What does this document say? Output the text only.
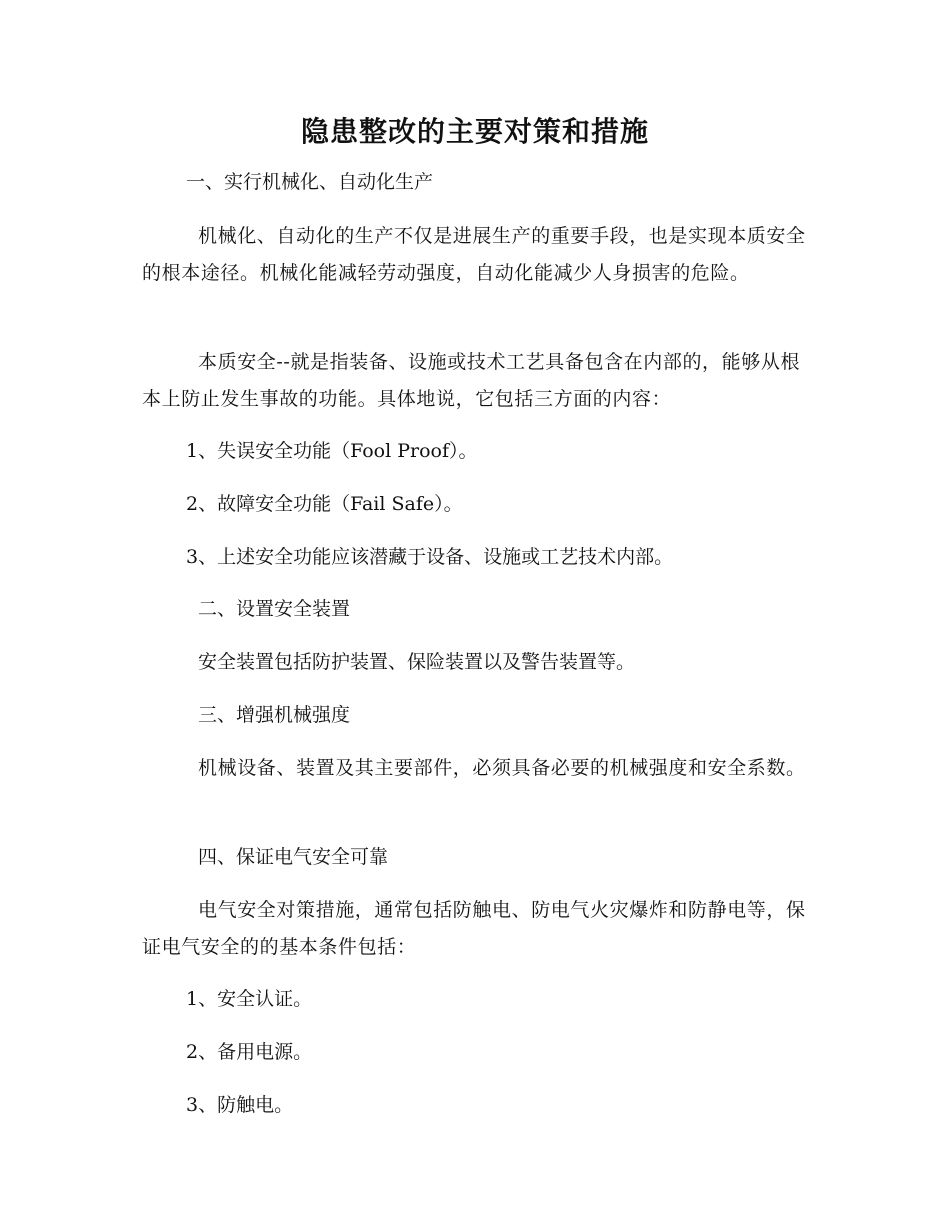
隐患整改的主要对策和措施
一、实行机械化、自动化生产
机械化、自动化的生产不仅是进展生产的重要手段，也是实现本质安全的根本途径。机械化能减轻劳动强度，自动化能减少人身损害的危险。
本质安全--就是指装备、设施或技术工艺具备包含在内部的，能够从根本上防止发生事故的功能。具体地说，它包括三方面的内容：
1、失误安全功能（Fool Proof）。
2、故障安全功能（Fail Safe）。
3、上述安全功能应该潜藏于设备、设施或工艺技术内部。
二、设置安全装置
安全装置包括防护装置、保险装置以及警告装置等。
三、增强机械强度
机械设备、装置及其主要部件，必须具备必要的机械强度和安全系数。
四、保证电气安全可靠
电气安全对策措施，通常包括防触电、防电气火灾爆炸和防静电等，保证电气安全的的基本条件包括：
1、安全认证。
2、备用电源。
3、防触电。
